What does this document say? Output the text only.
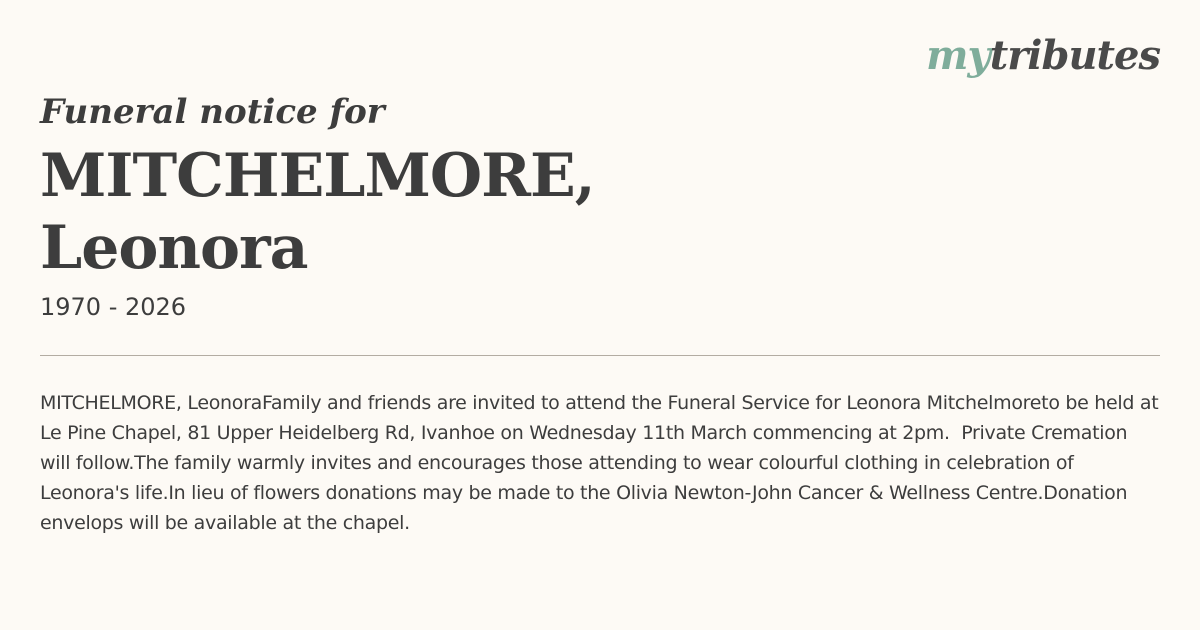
mytributes
Funeral notice for
MITCHELMORE,
Leonora

1970 - 2026

MITCHELMORE, LeonoraFamily and friends are invited to attend the Funeral Service for Leonora Mitchelmoreto be held at Le Pine Chapel, 81 Upper Heidelberg Rd, Ivanhoe on Wednesday 11th March commencing at 2pm.  Private Cremation will follow.The family warmly invites and encourages those attending to wear colourful clothing in celebration of Leonora's life.In lieu of flowers donations may be made to the Olivia Newton-John Cancer & Wellness Centre.Donation envelops will be available at the chapel.
